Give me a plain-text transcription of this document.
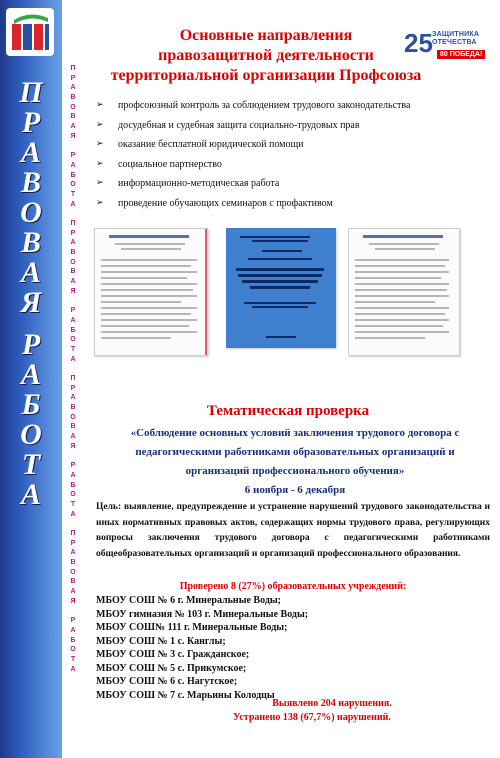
П
Р
А
В
О
В
А
Я
Р
А
Б
О
Т
А
П
Р
А
В
О
В
А
Я
Р
А
Б
О
Т
А
П
Р
А
В
О
В
А
Я
Р
А
Б
О
Т
А
П
Р
А
В
О
В
А
Я
Р
А
Б
О
Т
А
П
Р
А
В
О
В
А
Я
Р
А
Б
О
Т
А
Основные направления
правозащитной деятельности
территориальной организации Профсоюза
25 ЗАЩИТНИКА
ОТЕЧЕСТВА
80 ПОБЕДА!
➢ профсоюзный контроль за соблюдением трудового законодательства
➢ досудебная и судебная защита социально-трудовых прав
➢ оказание бесплатной юридической помощи
➢ социальное партнерство
➢ информационно-методическая работа
➢ проведение обучающих семинаров с профактивом
Тематическая проверка
«Соблюдение основных условий заключения трудового договора с
педагогическими работниками образовательных организаций и
организаций профессионального обучения»
6 ноября - 6 декабря
Цель: выявление, предупреждение и устранение нарушений трудового законодательства и иных нормативных правовых актов, содержащих нормы трудового права, регулирующих вопросы заключения трудового договора с педагогическими работниками общеобразовательных организаций и организаций профессионального образования.
Проверено 8 (27%) образовательных учреждений:
МБОУ СОШ № 6 г. Минеральные Воды;
МБОУ гимназия № 103 г. Минеральные Воды;
МБОУ СОШ№ 111 г. Минеральные Воды;
МБОУ СОШ № 1 с. Канглы;
МБОУ СОШ № 3 с. Гражданское;
МБОУ СОШ № 5 с. Прикумское;
МБОУ СОШ № 6 с. Нагутское;
МБОУ СОШ № 7 с. Марьины Колодцы
Выявлено 204 нарушения.
Устранено 138 (67,7%) нарушений.
